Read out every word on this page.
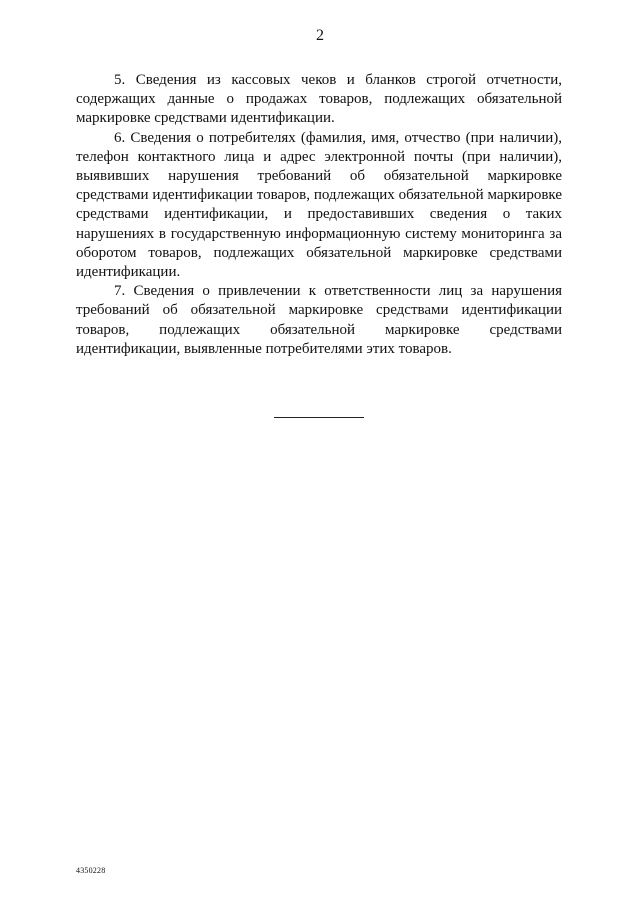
2

5. Сведения из кассовых чеков и бланков строгой отчетности, содержащих данные о продажах товаров, подлежащих обязательной маркировке средствами идентификации.

6. Сведения о потребителях (фамилия, имя, отчество (при наличии), телефон контактного лица и адрес электронной почты (при наличии), выявивших нарушения требований об обязательной маркировке средствами идентификации товаров, подлежащих обязательной маркировке средствами идентификации, и предоставивших сведения о таких нарушениях в государственную информационную систему мониторинга за оборотом товаров, подлежащих обязательной маркировке средствами идентификации.

7. Сведения о привлечении к ответственности лиц за нарушения требований об обязательной маркировке средствами идентификации товаров, подлежащих обязательной маркировке средствами идентификации, выявленные потребителями этих товаров.

4350228
